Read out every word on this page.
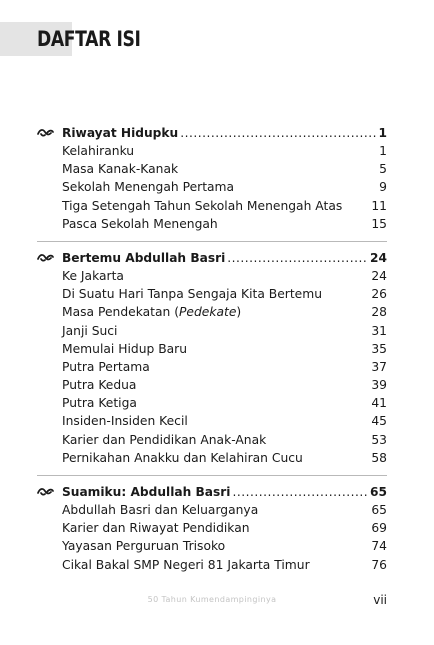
DAFTAR ISI
Riwayat Hidupku .....	1
Kelahiranku	1
Masa Kanak-Kanak	5
Sekolah Menengah Pertama	9
Tiga Setengah Tahun Sekolah Menengah Atas 11
Pasca Sekolah Menengah	15
Bertemu Abdullah Basri .....	24
Ke Jakarta	24
Di Suatu Hari Tanpa Sengaja Kita Bertemu	26
Masa Pendekatan (Pedekate)	28
Janji Suci	31
Memulai Hidup Baru	35
Putra Pertama	37
Putra Kedua	39
Putra Ketiga	41
Insiden-Insiden Kecil	45
Karier dan Pendidikan Anak-Anak	53
Pernikahan Anakku dan Kelahiran Cucu	58
Suamiku: Abdullah Basri .....	65
Abdullah Basri dan Keluarganya	65
Karier dan Riwayat Pendidikan	69
Yayasan Perguruan Trisoko	74
Cikal Bakal SMP Negeri 81 Jakarta Timur	76
50 Tahun Kumendampinginya	vii
